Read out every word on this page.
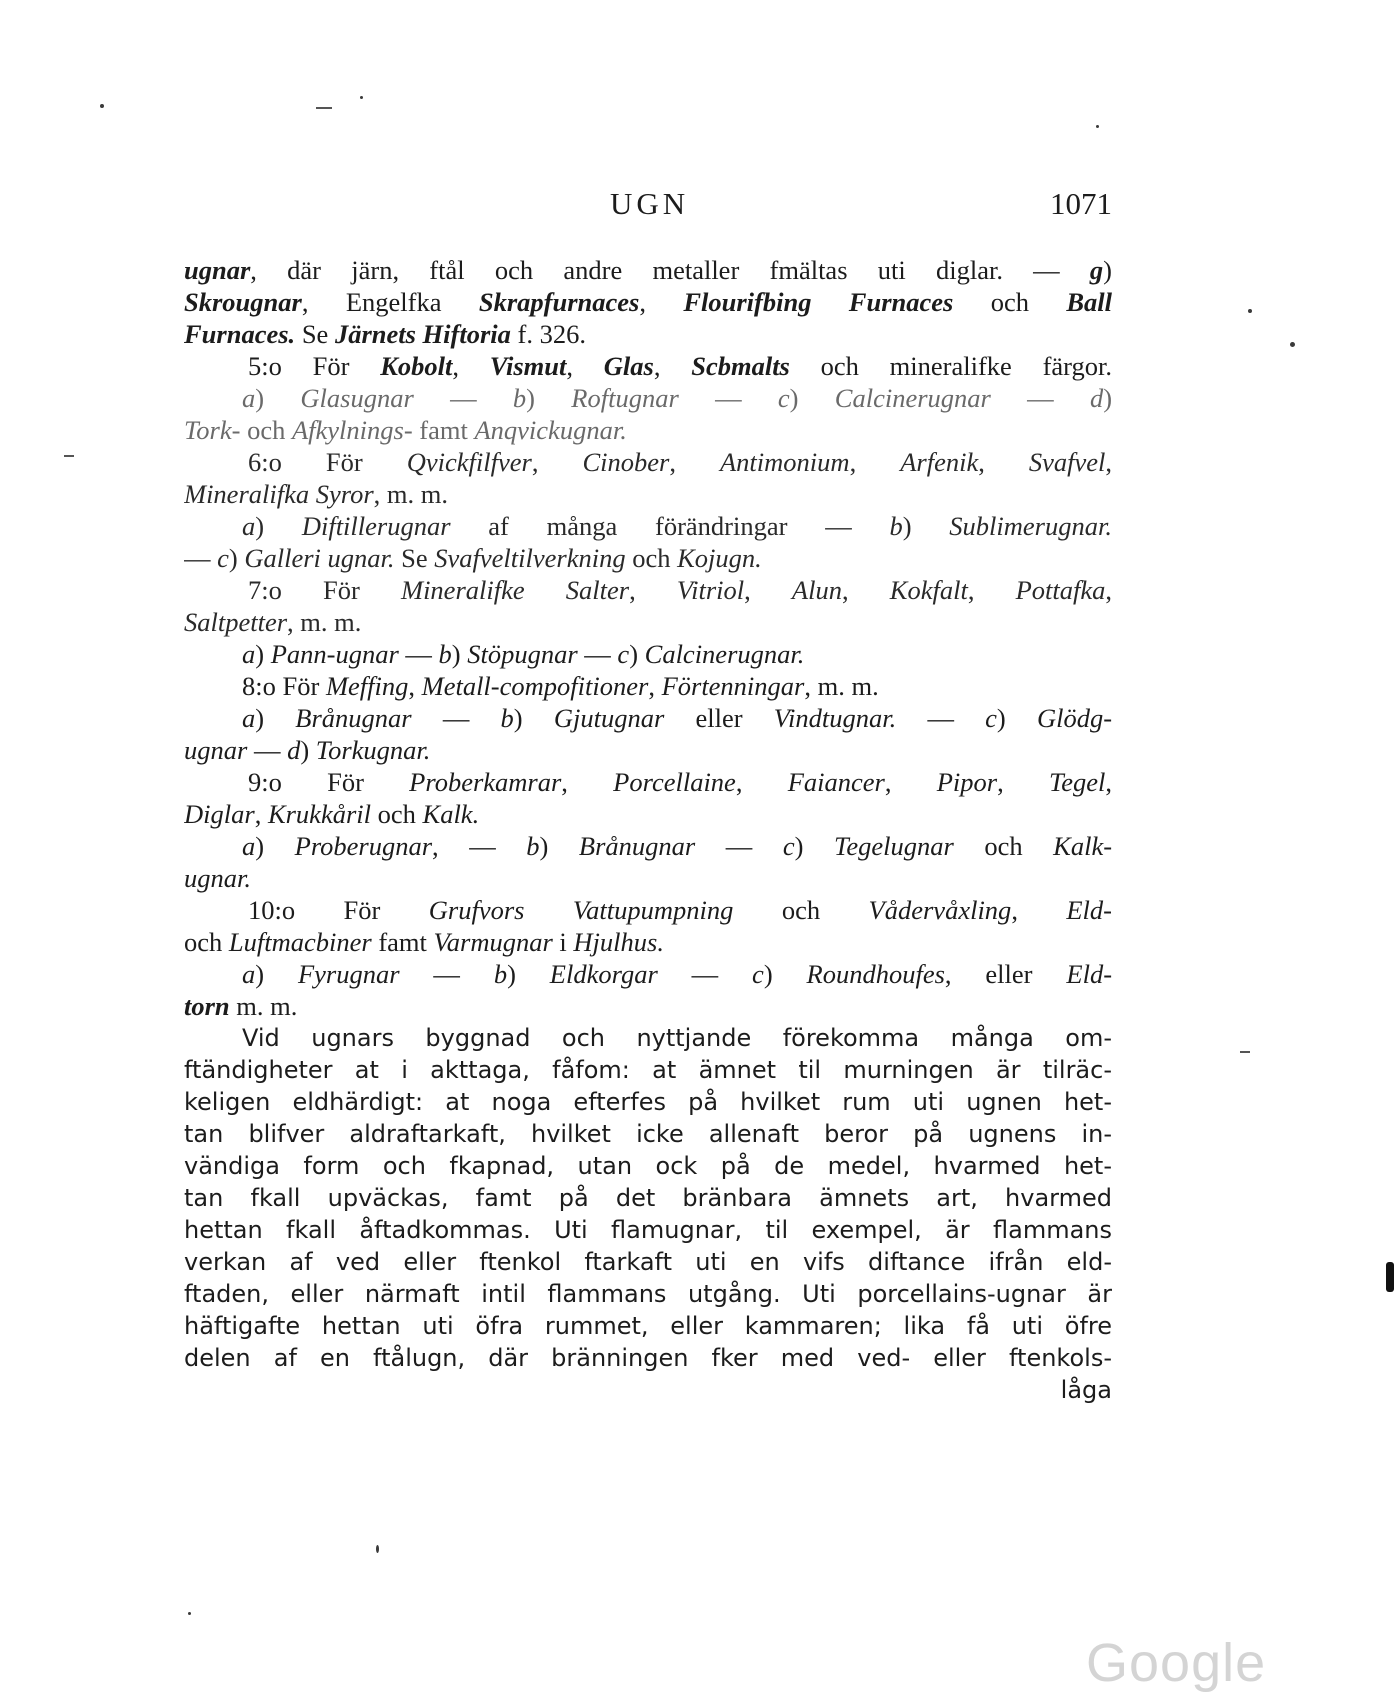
UGN	1071
ugnar, där järn, ftål och andre metaller fmältas uti diglar. — g)
Skrougnar, Engelfka Skrapfurnaces, Flourifbing Furnaces och Ball
Furnaces. Se Järnets Hiftoria f. 326.
5:o För Kobolt, Vismut, Glas, Scbmalts och mineralifke färgor.
a) Glasugnar — b) Roftugnar — c) Calcinerugnar — d)
Tork- och Afkylnings- famt Anqvickugnar.
6:o För Qvickfilfver, Cinober, Antimonium, Arfenik, Svafvel,
Mineralifka Syror, m. m.
a) Diftillerugnar af många förändringar — b) Sublimerugnar.
— c) Galleri ugnar. Se Svafveltilverkning och Kojugn.
7:o För Mineralifke Salter, Vitriol, Alun, Kokfalt, Pottafka,
Saltpetter, m. m.
a) Pann-ugnar — b) Stöpugnar — c) Calcinerugnar.
8:o För Meffing, Metall-compofitioner, Förtenningar, m. m.
a) Brånugnar — b) Gjutugnar eller Vindtugnar. — c) Glödg-
ugnar — d) Torkugnar.
9:o För Proberkamrar, Porcellaine, Faiancer, Pipor, Tegel,
Diglar, Krukkåril och Kalk.
a) Proberugnar, — b) Brånugnar — c) Tegelugnar och Kalk-
ugnar.
10:o För Grufvors Vattupumpning och Vådervåxling, Eld-
och Luftmacbiner famt Varmugnar i Hjulhus.
a) Fyrugnar — b) Eldkorgar — c) Roundhoufes, eller Eld-
torn m. m.
Vid ugnars byggnad och nyttjande förekomma många om-
ftändigheter at i akttaga, fåfom: at ämnet til murningen är tilräc-
keligen eldhärdigt: at noga efterfes på hvilket rum uti ugnen het-
tan blifver aldraftarkaft, hvilket icke allenaft beror på ugnens in-
vändiga form och fkapnad, utan ock på de medel, hvarmed het-
tan fkall upväckas, famt på det bränbara ämnets art, hvarmed
hettan fkall åftadkommas. Uti flamugnar, til exempel, är flammans
verkan af ved eller ftenkol ftarkaft uti en vifs diftance ifrån eld-
ftaden, eller närmaft intil flammans utgång. Uti porcellains-ugnar är
häftigafte hettan uti öfra rummet, eller kammaren; lika få uti öfre
delen af en ftålugn, där bränningen fker med ved- eller ftenkols-
låga
Google
